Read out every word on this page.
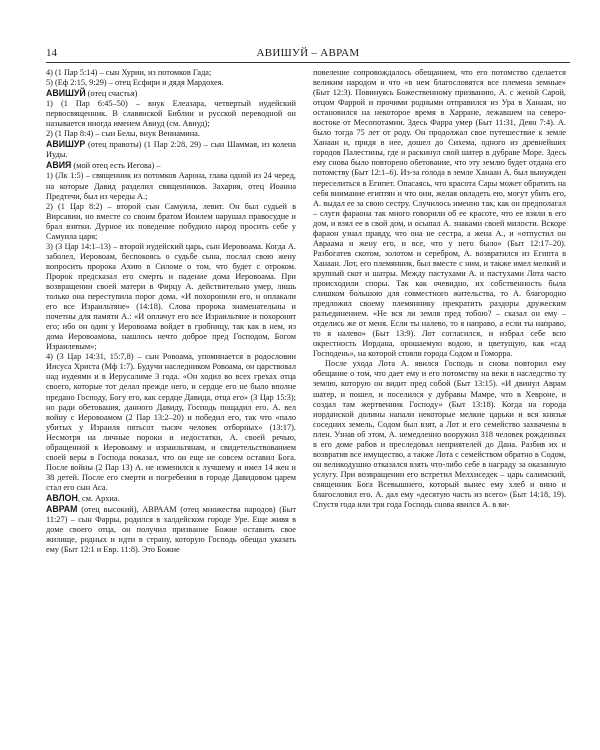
14	АВИШУЙ – АВРАМ

4) (1 Пар 5:14) – сын Хурии, из потомков Гада;

5) (Еф 2:15, 9:29) – отец Есфири и дядя Мардохея.

АВИШУЙ (отец счастья)

1) (1 Пар 6:45–50) – внук Елеазара, четвертый иудейский первосвященник. В славянской Библии и русской переводной он называется иногда именем Авиуд (см. Авиуд);

2) (1 Пар 8:4) – сын Белы, внук Вениамина.

АВИШУР (отец правоты) (1 Пар 2:28, 29) – сын Шаммая, из колена Иуды.

АВИЯ (мой отец есть Иегова) –

1) (Лк 1:5) – священник из потомков Аарона, глава одной из 24 черед, на которые Давид разделил священников. Захария, отец Иоанна Предтечи, был из череды А.;

2) (1 Цар 8:2) – второй сын Самуила, левит. Он был судьей в Вирсавии, но вместе со своим братом Иоилем нарушал правосудие и брал взятки. Дурное их поведение побудило народ просить себе у Самуила царя;

3) (3 Цар 14:1–13) – второй иудейский царь, сын Иеровоама. Когда А. заболел, Иеровоам, беспокоясь о судьбе сына, послал свою жену вопросить пророка Ахию в Силоме о том, что будет с отроком. Пророк предсказал его смерть и падение дома Иеровоама. При возвращении своей матери в Фирцу А. действительно умер, лишь только она переступила порог дома. «И похоронили его, и оплакали его все Израильтяне» (14:18). Слова пророка знаменательны и почетны для памяти А.: «И оплачут его все Израильтяне и похоронят его; ибо он один у Иеровоама войдет в гробницу, так как в нем, из дома Иеровоамова, нашлось нечто доброе пред Господом, Богом Израилевым»;

4) (3 Цар 14:31, 15:7,8) – сын Ровоама, упоминается в родословии Иисуса Христа (Мф 1:7). Будучи наследником Ровоама, он царствовал над иудеями и в Иерусалиме 3 года. «Он ходил во всех грехах отца своего, которые тот делал прежде него, и сердце его не было вполне предано Господу, Богу его, как сердце Давида, отца его» (3 Цар 15:3); но ради обетования, данного Давиду, Господь пощадил его. А. вел войну с Иеровоамом (2 Пар 13:2–20) и победил его, так что «пало убитых у Израиля пятьсот тысяч человек отборных» (13:17). Несмотря на личные пороки и недостатки, А. своей речью, обращенной к Иеровоаму и израильтянам, и свидетельствованием своей веры в Господа показал, что он еще не совсем оставил Бога. После войны (2 Пар 13) А. не изменился к лучшему и имел 14 жен и 38 детей. После его смерти и погребения в городе Давидовом царем стал его сын Аса.

АВЛОН, см. Архиа.

АВРАМ (отец высокий), АВРААМ (отец множества народов) (Быт 11:27) – сын Фарры, родился в халдейском городе Уре. Еще живя в доме своего отца, он получил призвание Божие оставить свое жилище, родных и идти в страну, которую Господь обещал указать ему (Быт 12:1 и Евр. 11:8). Это Божие

повеление сопровождалось обещанием, что его потомство сделается великим народом и что «в нем благословятся все племена земные» (Быт 12:3). Повинуясь Божественному призванию, А. с женой Сарой, отцом Фаррой и прочими родными отправился из Ура в Ханаан, но остановился на некоторое время в Харране, лежавшем на северо-востоке от Месопотамии. Здесь Фарра умер (Быт 11:31, Деян 7:4). А. было тогда 75 лет от роду. Он продолжал свое путешествие к земле Ханаан и, придя в нее, дошел до Сихема, одного из древнейших городов Палестины, где и раскинул свой шатер в дубраве Море. Здесь ему снова было повторено обетование, что эту землю будет отдана его потомству (Быт 12:1–6). Из-за голода в земле Ханаан А. был вынужден переселиться в Египет. Опасаясь, что красота Сары может обратить на себя внимание египтян и что они, желая овладеть ею, могут убить его, А. выдал ее за свою сестру. Случилось именно так, как он предполагал – слуги фараона так много говорили об ее красоте, что ее взяли в его дом, и взял ее в свой дом, и осыпал А. знаками своей милости. Вскоре фараон узнал правду, что она не сестра, а жена А., и «отпустил он Авраама и жену его, и все, что у него было» (Быт 12:17–20). Разбогатев скотом, золотом и серебром, А. возвратился из Египта в Ханаан. Лот, его племянник, был вместе с ним, и также имел мелкий и крупный скот и шатры. Между пастухами А. и пастухами Лота часто происходили споры. Так как очевидно, их собственность была слишком большою для совместного жительства, то А. благородно предложил своему племяннику прекратить раздоры дружеским разъединением. «Не вся ли земля пред тобою? – сказал он ему – отделись же от меня. Если ты налево, то я направо, а если ты направо, то я налево» (Быт 13:9). Лот согласился, и избрал себе всю окрестность Иордана, орошаемую водою, и цветущую, как «сад Господень», на которой стояли города Содом и Гоморра.

После ухода Лота А. явился Господь и снова повторил ему обещание о том, что дает ему и его потомству на веки в наследство ту землю, которую он видит пред собой (Быт 13:15). «И двинул Аврам шатер, и пошел, и поселился у дубравы Мамре, что в Хевроне, и создал там жертвенник Господу» (Быт 13:18). Когда на города иорданской долины напали некоторые мелкие царьки и вся князья соседних земель, Содом был взят, а Лот и его семейство захвачены в плен. Узнав об этом, А. немедленно вооружил 318 человек рожденных в его доме рабов и преследовал неприятелей до Дана. Разбив их и возвратив все имущество, а также Лота с семейством обратно в Содом, он великодушно отказался взять что-либо себе в награду за оказанную услугу. При возвращении его встретил Мелхиседек – царь салимский, священник Бога Всевышнего, который вынес ему хлеб и вино и благословил его. А. дал ему «десятую часть из всего» (Быт 14:18, 19). Спустя года или три года Господь снова явился А. в ви-
